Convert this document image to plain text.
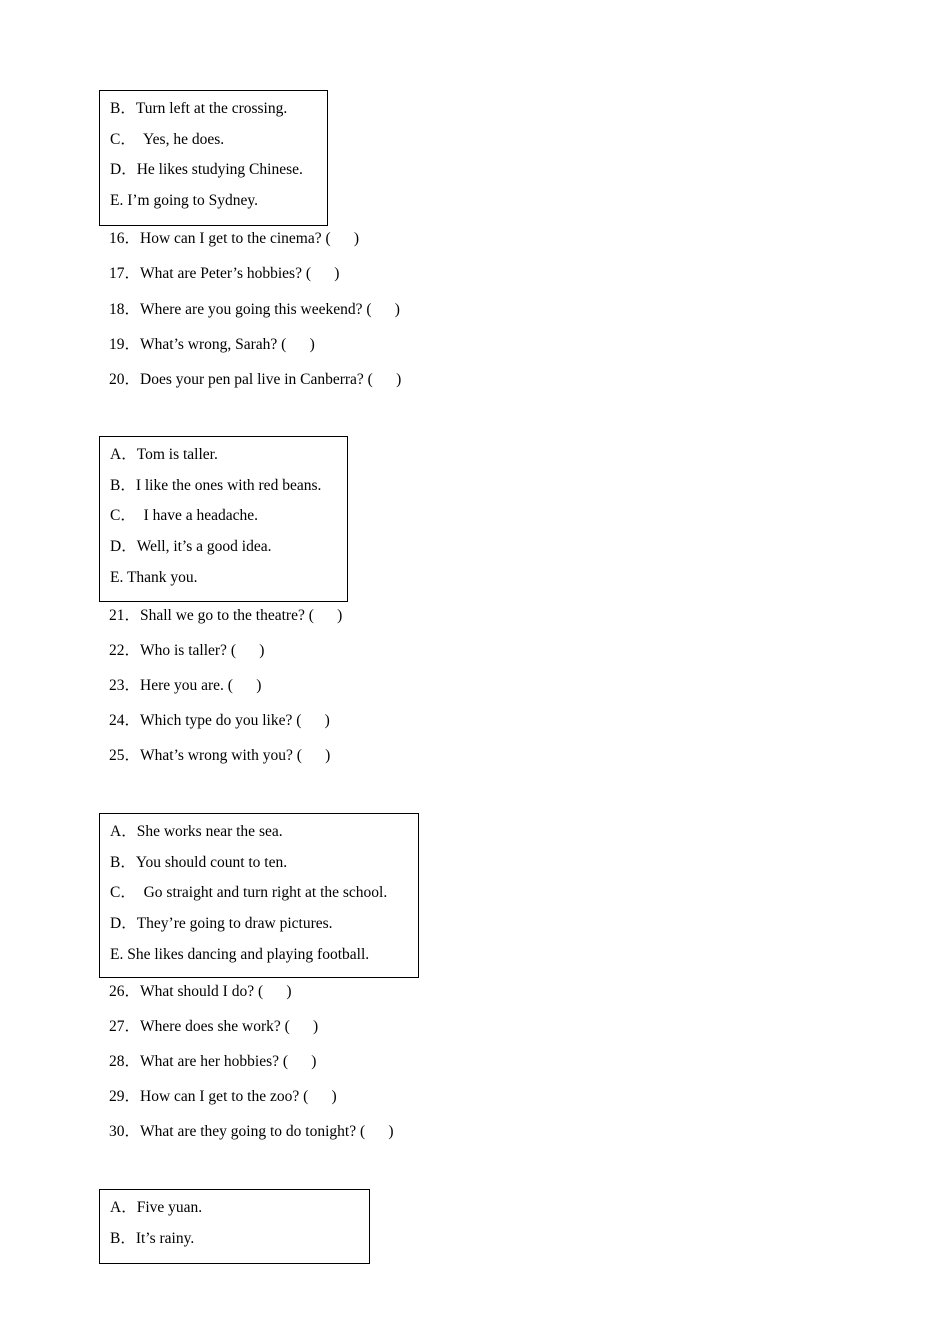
B．Turn left at the crossing.
C．  Yes, he does.
D．He likes studying Chinese.
E. I’m going to Sydney.
16．How can I get to the cinema? (      )
17．What are Peter’s hobbies? (      )
18．Where are you going this weekend? (      )
19．What’s wrong, Sarah? (      )
20．Does your pen pal live in Canberra? (      )
A．Tom is taller.
B．I like the ones with red beans.
C．  I have a headache.
D．Well, it’s a good idea.
E. Thank you.
21．Shall we go to the theatre? (      )
22．Who is taller? (      )
23．Here you are. (      )
24．Which type do you like? (      )
25．What’s wrong with you? (      )
A．She works near the sea.
B．You should count to ten.
C．  Go straight and turn right at the school.
D．They’re going to draw pictures.
E. She likes dancing and playing football.
26．What should I do? (      )
27．Where does she work? (      )
28．What are her hobbies? (      )
29．How can I get to the zoo? (      )
30．What are they going to do tonight? (      )
A．Five yuan.
B．It’s rainy.
